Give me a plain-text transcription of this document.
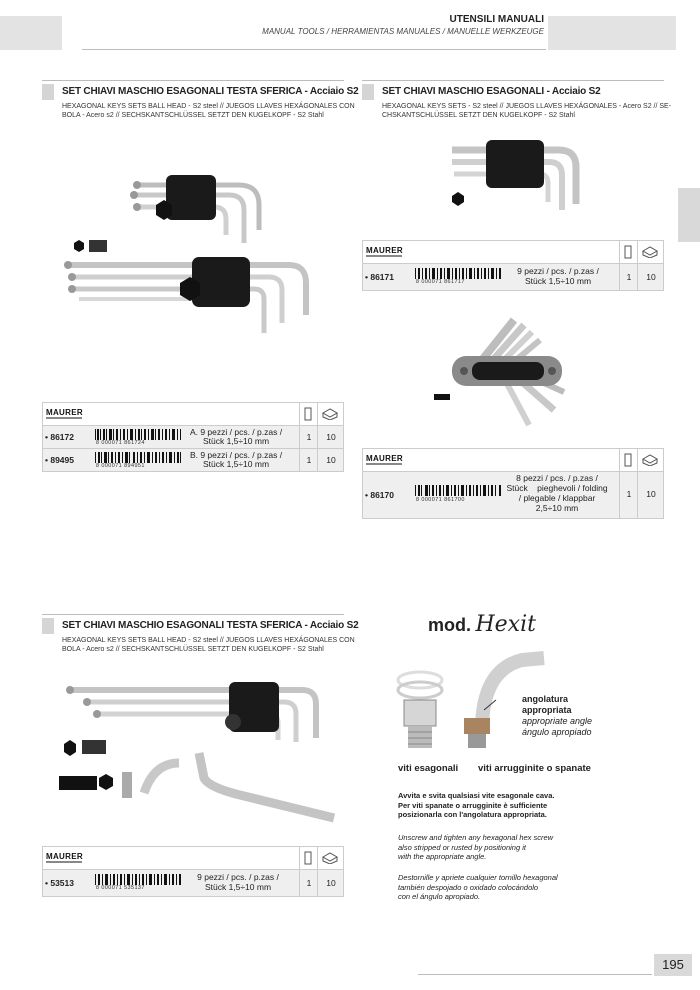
UTENSILI MANUALI
MANUAL TOOLS / HERRAMIENTAS MANUALES / MANUELLE WERKZEUGE
SET CHIAVI MASCHIO ESAGONALI TESTA SFERICA - Acciaio S2
HEXAGONAL KEYS SETS BALL HEAD - S2 steel // JUEGOS LLAVES HEXÁGONALES CON
BOLA - Acero s2 // SECHSKANTSCHLÜSSEL SETZT DEN KUGELKOPF - S2 Stahl
MAURER
• 86172
8 000071 861724
A. 9 pezzi / pcs. / p.zas /
Stück 1,5÷10 mm	1	10
• 89495
8 000071 894951
B. 9 pezzi / pcs. / p.zas /
Stück 1,5÷10 mm	1	10
SET CHIAVI MASCHIO ESAGONALI - Acciaio S2
HEXAGONAL KEYS SETS - S2 steel // JUEGOS LLAVES HEXÁGONALES - Acero S2 // SE-
CHSKANTSCHLÜSSEL SETZT DEN KUGELKOPF - S2 Stahl
MAURER
• 86171	8 000071 861717
9 pezzi / pcs. / p.zas /
Stück 1,5÷10 mm	1	10
MAURER
• 86170	8 000071 861700
8 pezzi / pcs. / p.zas /
Stück    pieghevoli / folding
/ plegable / klappbar
2,5÷10 mm
1	10
SET CHIAVI MASCHIO ESAGONALI TESTA SFERICA - Acciaio S2
HEXAGONAL KEYS SETS BALL HEAD - S2 steel // JUEGOS LLAVES HEXÁGONALES CON
BOLA - Acero s2 // SECHSKANTSCHLÜSSEL SETZT DEN KUGELKOPF - S2 Stahl
MAURER
• 53513	8 000071 535137
9 pezzi / pcs. / p.zas /
Stück 1,5÷10 mm	1	10
mod. Hexit
angolatura
appropriata
appropriate angle
ángulo apropiado
viti esagonali viti arrugginite o spanate
Avvita e svita qualsiasi vite esagonale cava.
Per viti spanate o arrugginite è sufficiente
posizionarla con l'angolatura appropriata.
Unscrew and tighten any hexagonal hex screw
also stripped or rusted by positioning it
with the appropriate angle.
Destornille y apriete cualquier tornillo hexagonal
también despojado o oxidado colocándolo
con el ángulo apropiado.
195
